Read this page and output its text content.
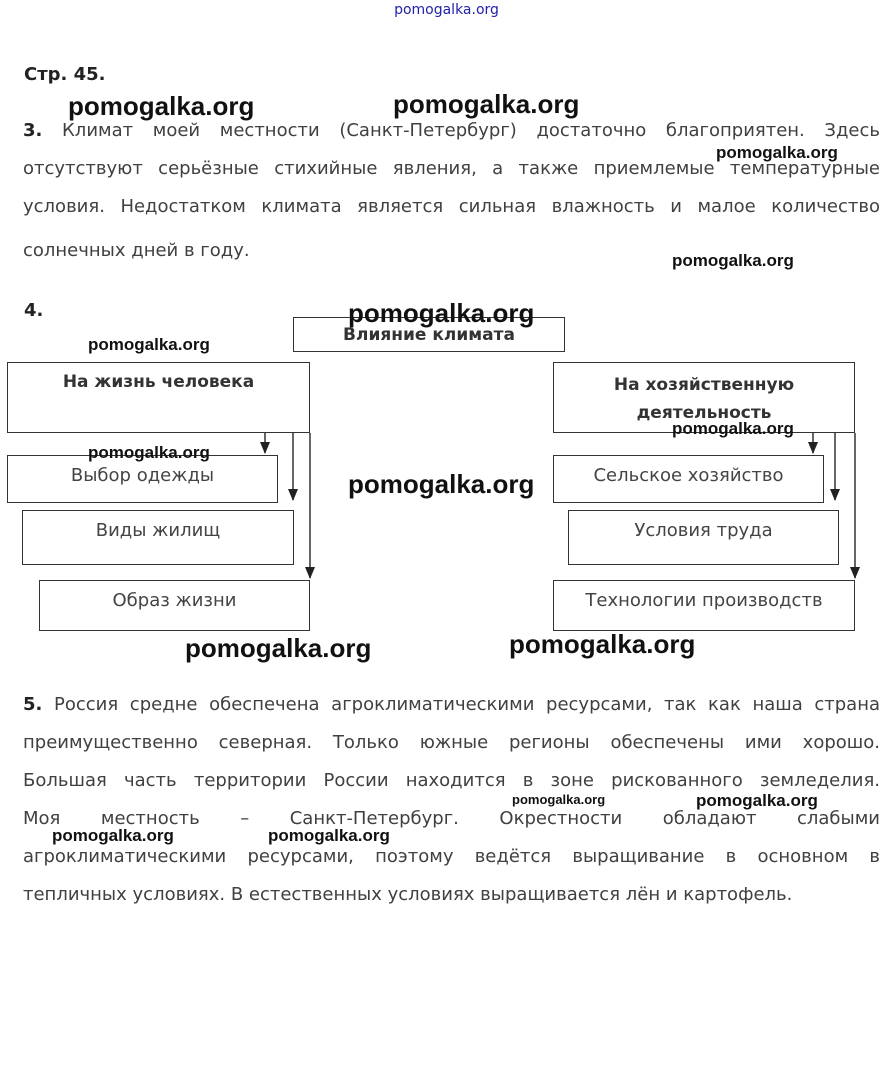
pomogalka.org
Стр. 45.
3. Климат моей местности (Санкт-Петербург) достаточно благоприятен. Здесь
отсутствуют серьёзные стихийные явления, а также приемлемые температурные
условия. Недостатком климата является сильная влажность и малое количество
солнечных дней в году.
4.
Влияние климата
На жизнь человека	На хозяйственную
деятельность
Выбор одежды
Виды жилищ
Образ жизни
Сельское хозяйство
Условия труда
Технологии производств
5. Россия средне обеспечена агроклиматическими ресурсами, так как наша страна
преимущественно северная. Только южные регионы обеспечены ими хорошо.
Большая часть территории России находится в зоне рискованного земледелия.
Моя местность – Санкт-Петербург. Окрестности обладают слабыми
агроклиматическими ресурсами, поэтому ведётся выращивание в основном в
тепличных условиях. В естественных условиях выращивается лён и картофель.
pomogalka.org	pomogalka.org
pomogalka.org
pomogalka.org
pomogalka.org
pomogalka.org
pomogalka.org
pomogalka.org
pomogalka.org
pomogalka.org	pomogalka.org
pomogalka.org	pomogalka.org
pomogalka.org	pomogalka.org
